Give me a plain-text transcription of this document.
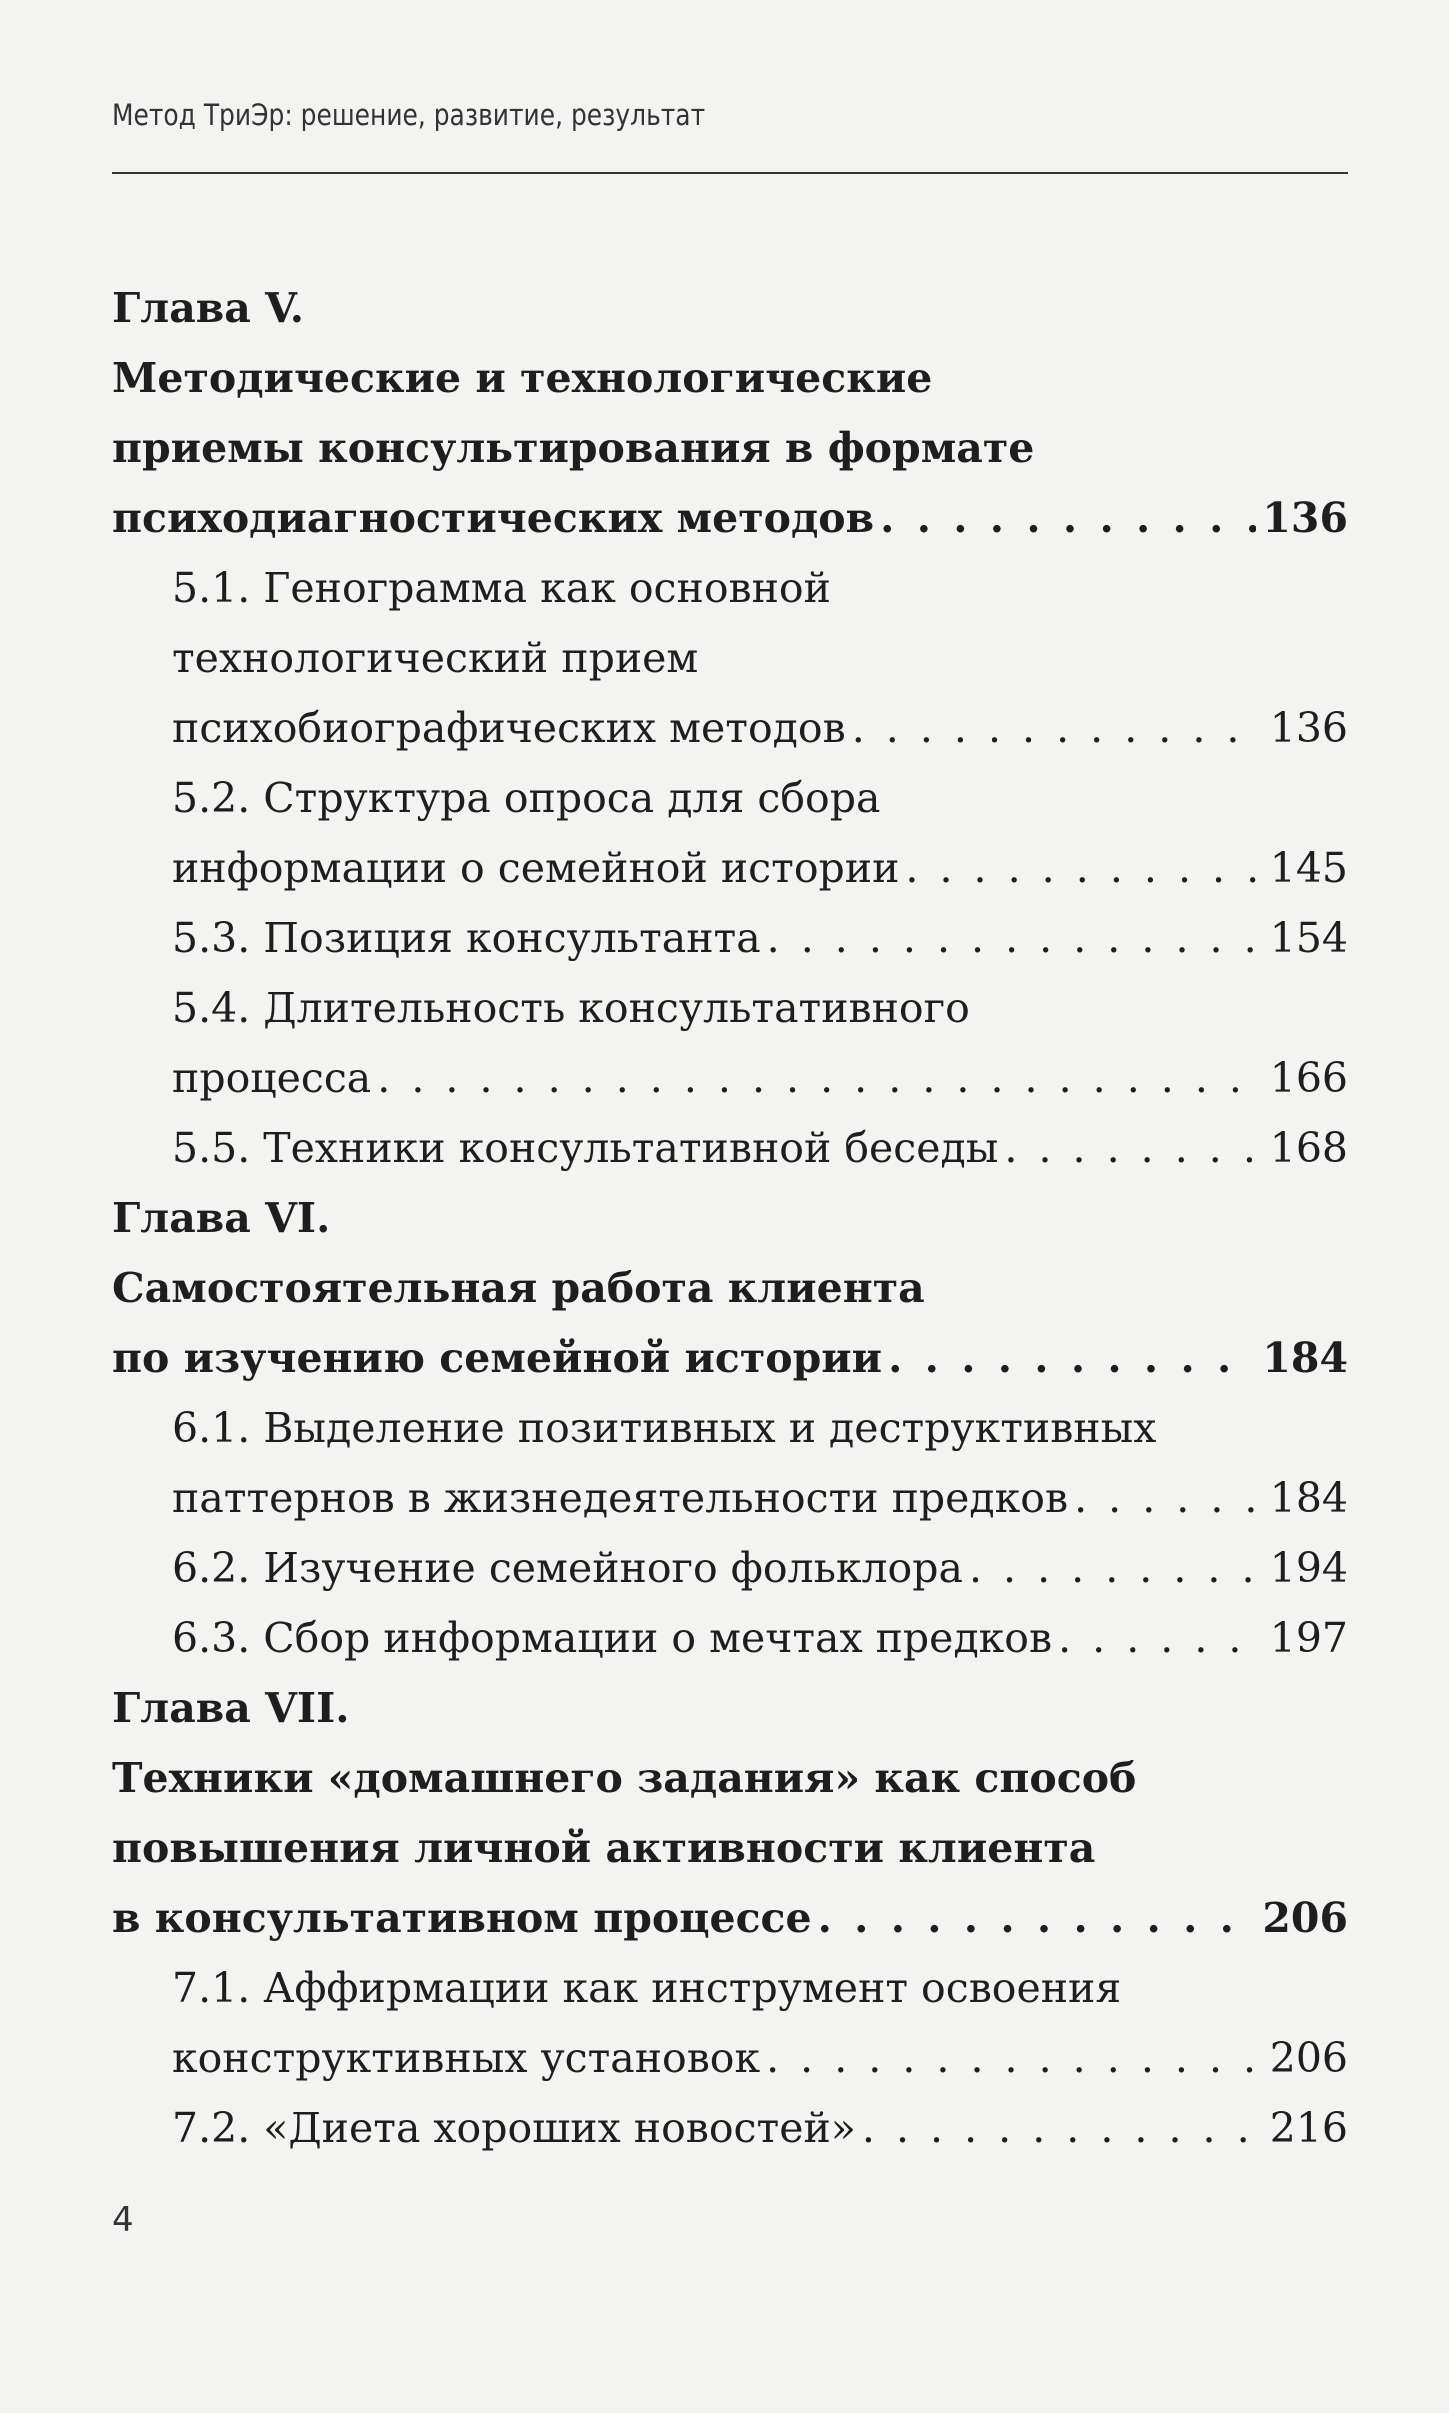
Метод ТриЭр: решение, развитие, результат
Глава V.
Методические и технологические
приемы консультирования в формате
психодиагностических методов . . .	136
5.1. Генограмма как основной
технологический прием
психобиографических методов . . .	136
5.2. Структура опроса для сбора
информации о семейной истории . . .	145
5.3. Позиция консультанта . . .	154
5.4. Длительность консультативного
процесса . . .	166
5.5. Техники консультативной беседы . . .	168
Глава VI.
Самостоятельная работа клиента
по изучению семейной истории . . .	184
6.1. Выделение позитивных и деструктивных
паттернов в жизнедеятельности предков . . .	184
6.2. Изучение семейного фольклора . . .	194
6.3. Сбор информации о мечтах предков . . .	197
Глава VII.
Техники «домашнего задания» как способ
повышения личной активности клиента
в консультативном процессе . . .	206
7.1. Аффирмации как инструмент освоения
конструктивных установок . . .	206
7.2. «Диета хороших новостей» . . .	216
4
